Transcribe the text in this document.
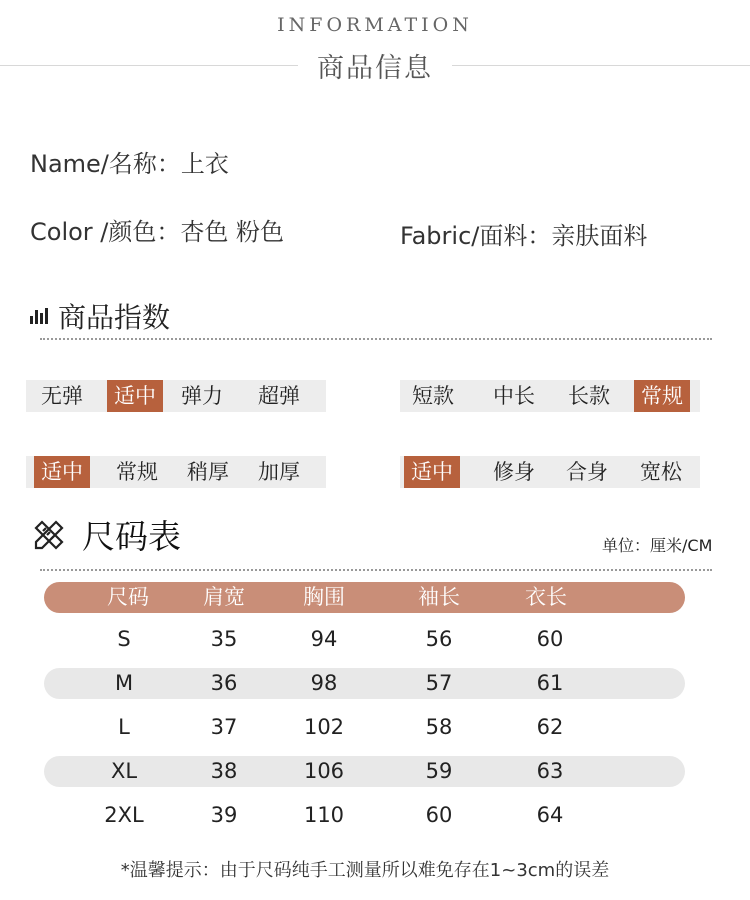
INFORMATION
商品信息
Name/名称：上衣
Color /颜色：杏色 粉色	Fabric/面料：亲肤面料
商品指数
无弹	适中	弹力	超弹	短款	中长	长款	常规
适中	常规	稍厚	加厚	适中	修身	合身	宽松
尺码表	单位：厘米/CM
尺码	肩宽	胸围	袖长	衣长
S	35	94	56	60
M	36	98	57	61
L	37	102	58	62
XL	38	106	59	63
2XL	39	110	60	64
*温馨提示：由于尺码纯手工测量所以难免存在1~3cm的误差
